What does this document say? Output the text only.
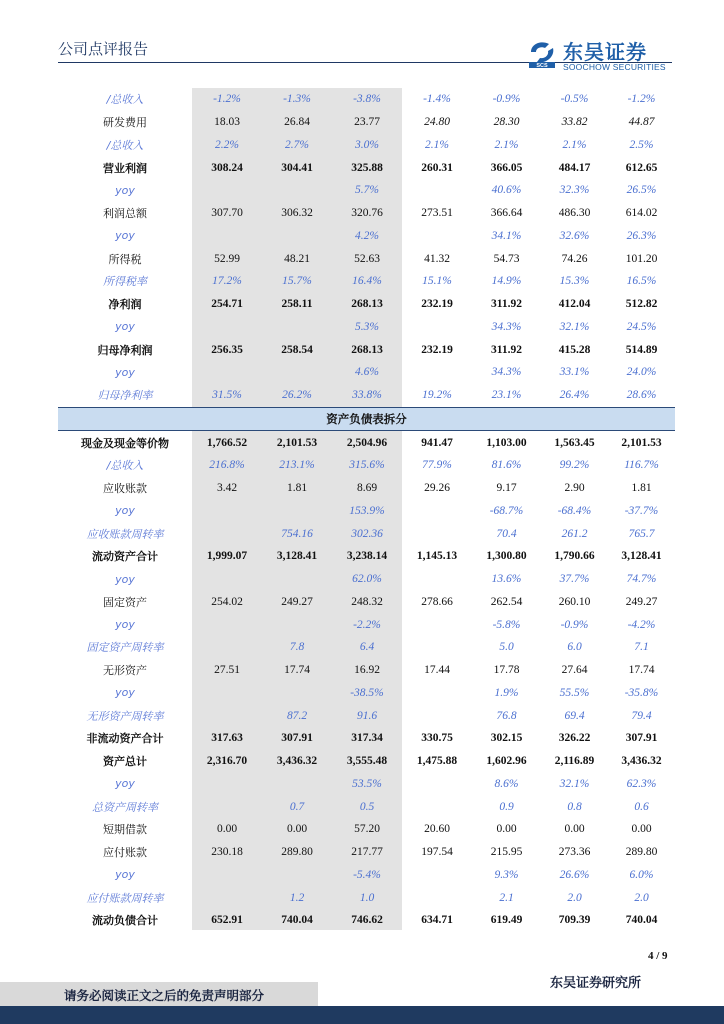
公司点评报告
SCS
东吴证券
SOOCHOW SECURITIES
/总收入	-1.2%	-1.3%	-3.8%	-1.4%	-0.9%	-0.5%	-1.2%
研发费用	18.03	26.84	23.77	24.80	28.30	33.82	44.87
/总收入	2.2%	2.7%	3.0%	2.1%	2.1%	2.1%	2.5%
营业利润	308.24	304.41	325.88	260.31	366.05	484.17	612.65
yoy			5.7%		40.6%	32.3%	26.5%
利润总额	307.70	306.32	320.76	273.51	366.64	486.30	614.02
yoy			4.2%		34.1%	32.6%	26.3%
所得税	52.99	48.21	52.63	41.32	54.73	74.26	101.20
所得税率	17.2%	15.7%	16.4%	15.1%	14.9%	15.3%	16.5%
净利润	254.71	258.11	268.13	232.19	311.92	412.04	512.82
yoy			5.3%		34.3%	32.1%	24.5%
归母净利润	256.35	258.54	268.13	232.19	311.92	415.28	514.89
yoy			4.6%		34.3%	33.1%	24.0%
归母净利率	31.5%	26.2%	33.8%	19.2%	23.1%	26.4%	28.6%
资产负债表拆分							
现金及现金等价物	1,766.52	2,101.53	2,504.96	941.47	1,103.00	1,563.45	2,101.53
/总收入	216.8%	213.1%	315.6%	77.9%	81.6%	99.2%	116.7%
应收账款	3.42	1.81	8.69	29.26	9.17	2.90	1.81
yoy			153.9%		-68.7%	-68.4%	-37.7%
应收账款周转率		754.16	302.36		70.4	261.2	765.7
流动资产合计	1,999.07	3,128.41	3,238.14	1,145.13	1,300.80	1,790.66	3,128.41
yoy			62.0%		13.6%	37.7%	74.7%
固定资产	254.02	249.27	248.32	278.66	262.54	260.10	249.27
yoy			-2.2%		-5.8%	-0.9%	-4.2%
固定资产周转率		7.8	6.4		5.0	6.0	7.1
无形资产	27.51	17.74	16.92	17.44	17.78	27.64	17.74
yoy			-38.5%		1.9%	55.5%	-35.8%
无形资产周转率		87.2	91.6		76.8	69.4	79.4
非流动资产合计	317.63	307.91	317.34	330.75	302.15	326.22	307.91
资产总计	2,316.70	3,436.32	3,555.48	1,475.88	1,602.96	2,116.89	3,436.32
yoy			53.5%		8.6%	32.1%	62.3%
总资产周转率		0.7	0.5		0.9	0.8	0.6
短期借款	0.00	0.00	57.20	20.60	0.00	0.00	0.00
应付账款	230.18	289.80	217.77	197.54	215.95	273.36	289.80
yoy			-5.4%		9.3%	26.6%	6.0%
应付账款周转率		1.2	1.0		2.1	2.0	2.0
流动负债合计	652.91	740.04	746.62	634.71	619.49	709.39	740.04
4 / 9
请务必阅读正文之后的免责声明部分
东吴证券研究所
